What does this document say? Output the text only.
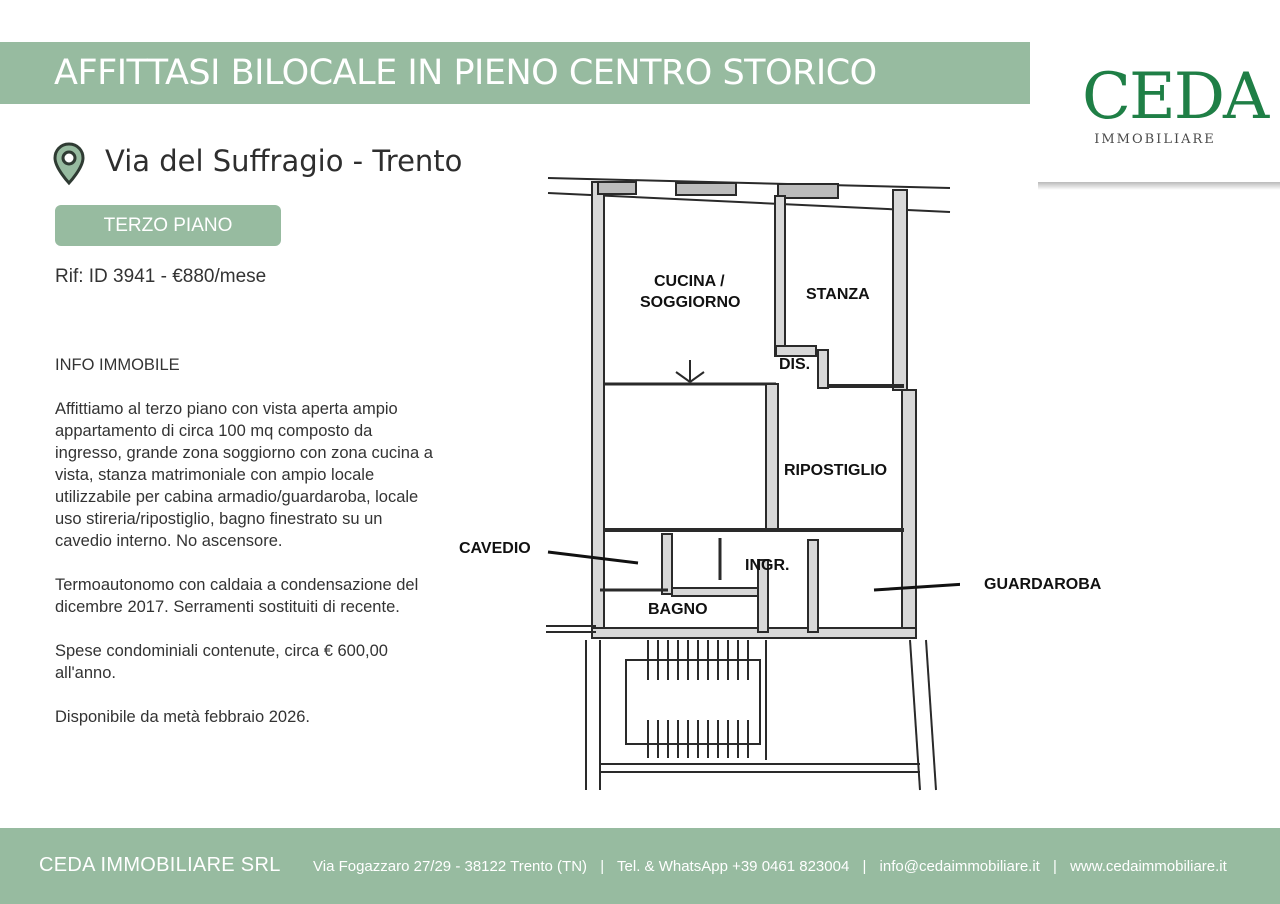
AFFITTASI BILOCALE IN PIENO CENTRO STORICO	CEDA
IMMOBILIARE
Via del Suffragio - Trento
TERZO PIANO
Rif: ID 3941 - €880/mese

INFO IMMOBILE

Affittiamo al terzo piano con vista aperta ampio appartamento di circa 100 mq composto da ingresso, grande zona soggiorno con zona cucina a vista, stanza matrimoniale con ampio locale utilizzabile per cabina armadio/guardaroba, locale uso stireria/ripostiglio, bagno finestrato su un cavedio interno. No ascensore.

Termoautonomo con caldaia a condensazione del dicembre 2017. Serramenti sostituiti di recente.

Spese condominiali contenute, circa € 600,00 all'anno.

Disponibile da metà febbraio 2026.

CUCINA /
SOGGIORNO	STANZA
DIS.
RIPOSTIGLIO
CAVEDIO
INGR.
BAGNO
GUARDAROBA
CEDA IMMOBILIARE SRL Via Fogazzaro 27/29 - 38122 Trento (TN) | Tel. & WhatsApp +39 0461 823004 | info@cedaimmobiliare.it | www.cedaimmobiliare.it
